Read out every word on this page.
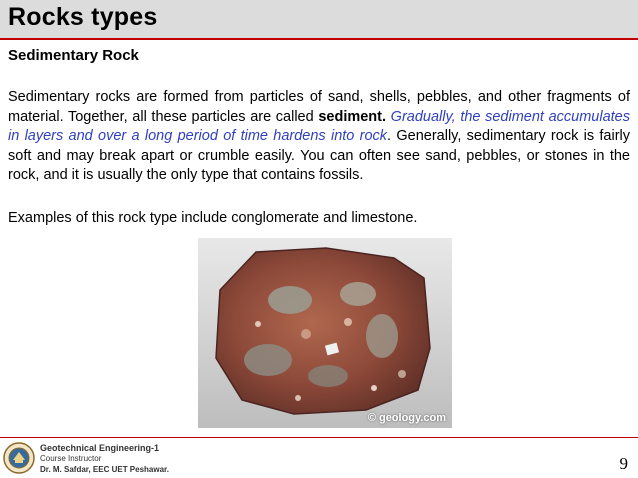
Rocks types
Sedimentary Rock
Sedimentary rocks are formed from particles of sand, shells, pebbles, and other fragments of material. Together, all these particles are called sediment. Gradually, the sediment accumulates in layers and over a long period of time hardens into rock. Generally, sedimentary rock is fairly soft and may break apart or crumble easily. You can often see sand, pebbles, or stones in the rock, and it is usually the only type that contains fossils.
Examples of this rock type include conglomerate and limestone.
© geology.com
Geotechnical Engineering-1
Course Instructor
Dr. M. Safdar, EEC UET Peshawar.	9
